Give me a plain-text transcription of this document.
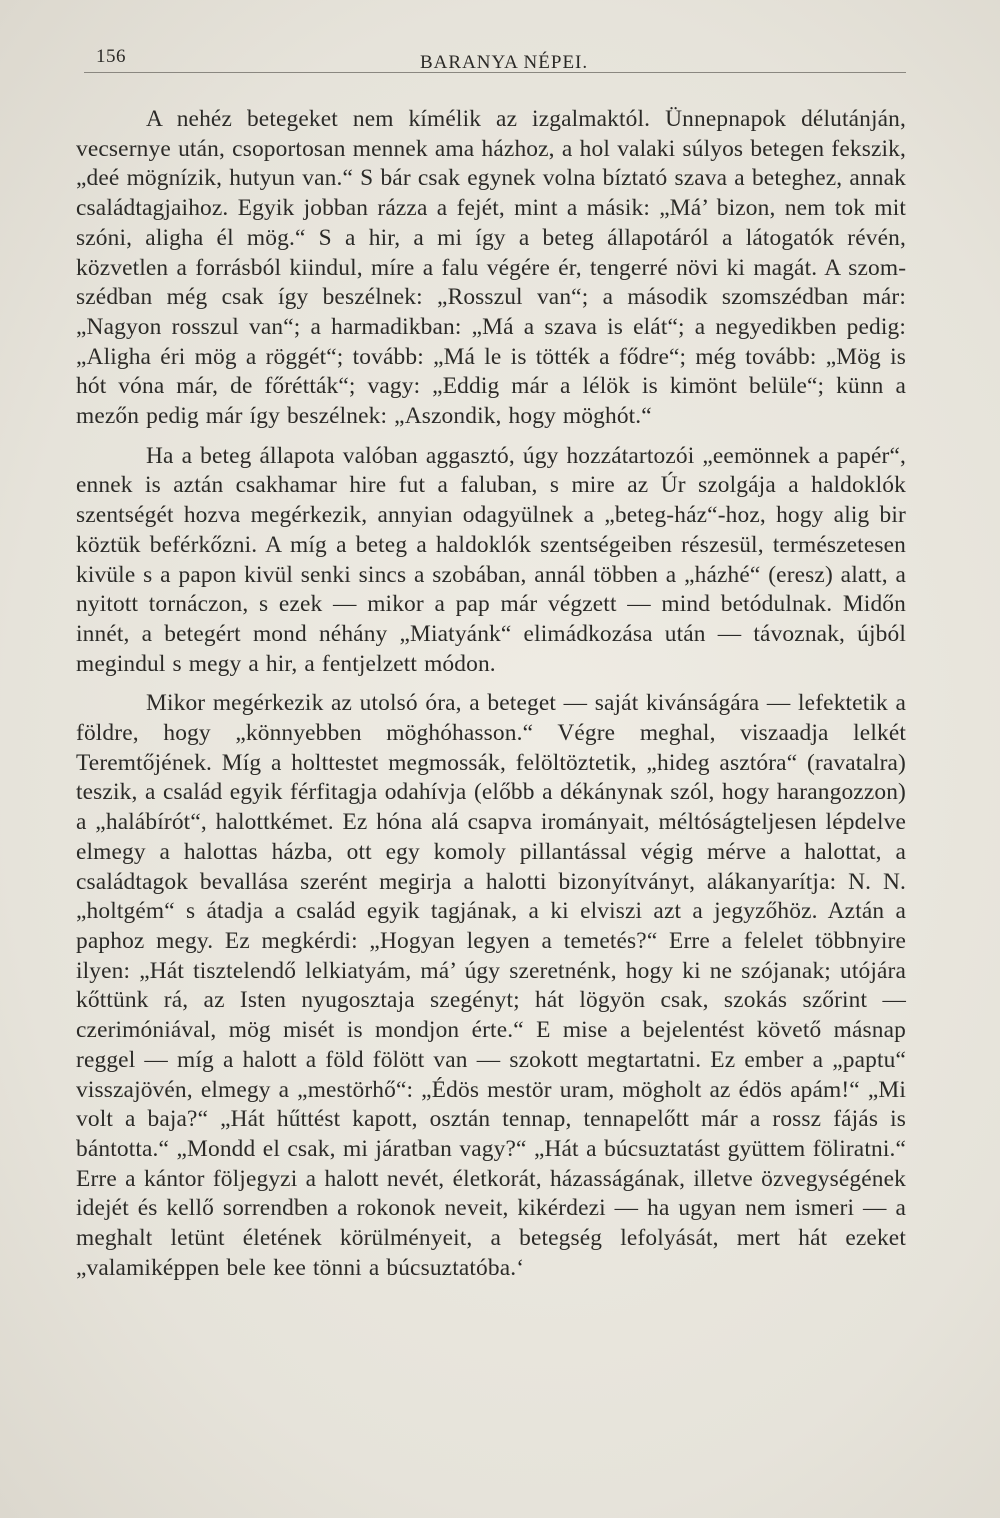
156	BARANYA NÉPEI.

A nehéz betegeket nem kímélik az izgalmaktól. Ünnepnapok délutánján, vecsernye után, csoportosan mennek ama házhoz, a hol valaki súlyos betegen fekszik, „deé mögnízik, hutyun van.“ S bár csak egynek volna bíztató szava a beteghez, annak családtagjaihoz. Egyik jobban rázza a fejét, mint a másik: „Má’ bizon, nem tok mit szóni, aligha él mög.“ S a hir, a mi így a beteg állapotáról a látogatók révén, közvetlen a forrásból kiindul, míre a falu végére ér, tengerré növi ki magát. A szomszédban még csak így beszélnek: „Rosszul van“; a második szomszédban már: „Nagyon rosszul van“; a harmadikban: „Má a szava is elát“; a negyedikben pedig: „Aligha éri mög a röggét“; tovább: „Má le is tötték a fődre“; még tovább: „Mög is hót vóna már, de főrétták“; vagy: „Eddig már a lélök is kimönt belüle“; künn a mezőn pedig már így beszélnek: „Aszondik, hogy möghót.“

Ha a beteg állapota valóban aggasztó, úgy hozzátartozói „eemönnek a papér“, ennek is aztán csakhamar hire fut a faluban, s mire az Úr szolgája a haldoklók szentségét hozva megérkezik, annyian odagyülnek a „beteg-ház“-hoz, hogy alig bir köztük beférkőzni. A míg a beteg a haldoklók szentségeiben részesül, természetesen kivüle s a papon kivül senki sincs a szobában, annál többen a „házhé“ (eresz) alatt, a nyitott tornáczon, s ezek — mikor a pap már végzett — mind betódulnak. Midőn innét, a betegért mond néhány „Miatyánk“ elimádkozása után — távoznak, újból megindul s megy a hir, a fentjelzett módon.

Mikor megérkezik az utolsó óra, a beteget — saját kivánságára — lefektetik a földre, hogy „könnyebben möghóhasson.“ Végre meghal, viszaadja lelkét Teremtőjének. Míg a holttestet megmossák, felöltöztetik, „hideg asztóra“ (ravatalra) teszik, a család egyik férfitagja odahívja (előbb a dékánynak szól, hogy harangozzon) a „halábírót“, halottkémet. Ez hóna alá csapva irományait, méltóságteljesen lépdelve elmegy a halottas házba, ott egy komoly pillantással végig mérve a halottat, a családtagok bevallása szerént megirja a halotti bizonyítványt, alákanyarítja: N. N. „holtgém“ s átadja a család egyik tagjának, a ki elviszi azt a jegyzőhöz. Aztán a paphoz megy. Ez megkérdi: „Hogyan legyen a temetés?“ Erre a felelet többnyire ilyen: „Hát tisztelendő lelkiatyám, má’ úgy szeretnénk, hogy ki ne szójanak; utójára kőttünk rá, az Isten nyugosztaja szegényt; hát lögyön csak, szokás szőrint — czerimóniával, mög misét is mondjon érte.“ E mise a bejelentést követő másnap reggel — míg a halott a föld fölött van — szokott megtartatni. Ez ember a „paptu“ visszajövén, elmegy a „mestörhő“: „Édös mestör uram, mögholt az édös apám!“ „Mi volt a baja?“ „Hát hűttést kapott, osztán tennap, tennapelőtt már a rossz fájás is bántotta.“ „Mondd el csak, mi járatban vagy?“ „Hát a búcsuztatást gyüttem föliratni.“ Erre a kántor följegyzi a halott nevét, életkorát, házasságának, illetve özvegységének idejét és kellő sorrendben a rokonok neveit, kikérdezi — ha ugyan nem ismeri — a meghalt letünt életének körülményeit, a betegség lefolyását, mert hát ezeket „valamiképpen bele kee tönni a búcsuztatóba.‘
